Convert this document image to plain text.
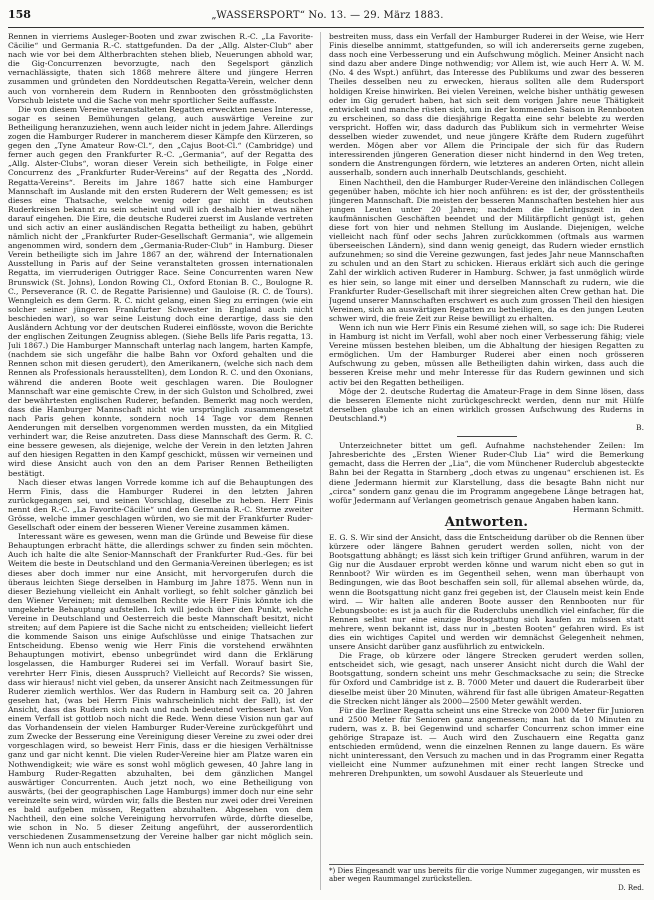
158	„WASSERSPORT“ No. 13. — 29. März 1883.

Rennen in vierriems Ausleger-Booten und zwar zwischen R.-C. „La Favorite-Cäcilie“ und Germania R.-C. stattgefunden. Da der „Allg. Alster-Club“ aber nach wie vor bei dem Altherbrachten stehen blieb, Neuerungen abhold war, die Gig-Concurrenzen bevorzugte, nach den Segelsport gänzlich vernachlässigte, thaten sich 1868 mehrere ältere und jüngere Herren zusammen und gründeten den Norddeutschen Regatta-Verein, welcher denn auch von vornherein dem Rudern in Rennbooten den grösstmöglichsten Vorschub leistete und die Sache von mehr sportlicher Seite auffasste.

Die von diesem Vereine veranstalteten Regatten erweckten neues Interesse, sogar es seinen Bemühungen gelang, auch auswärtige Vereine zur Betheiligung heranzuziehen, wenn auch leider nicht in jedem Jahre. Allerdings zogen die Hamburger Ruderer in mancherem dieser Kämpfe den Kürzeren, so gegen den „Tyne Amateur Row-Cl.“, den „Cajus Boot-Cl.“ (Cambridge) und ferner auch gegen den Frankfurter R.-C. „Germania“, auf der Regatta des „Allg. Alster-Clubs“, woran dieser Verein sich betheiligte, in Folge einer Concurrenz des „Frankfurter Ruder-Vereins“ auf der Regatta des „Nordd. Regatta-Vereins“. Bereits im Jahre 1867 hatte sich eine Hamburger Mannschaft im Auslande mit den ersten Ruderern der Welt gemessen; es ist dieses eine Thatsache, welche wenig oder gar nicht in deutschen Ruderkreisen bekannt zu sein scheint und will ich deshalb hier etwas näher darauf eingehen. Die Eire, die deutsche Ruderei zuerst im Auslande vertreten und sich activ an einer ausländischen Regatta betheiligt zu haben, gebührt nämlich nicht der „Frankfurter Ruder-Gesellschaft Germania“, wie allgemein angenommen wird, sondern dem „Germania-Ruder-Club“ in Hamburg. Dieser Verein betheiligte sich im Jahre 1867 an der, während der Internationalen Ausstellung in Paris auf der Seine veranstalteten grossen internationalen Regatta, im vierruderigen Outrigger Race. Seine Concurrenten waren New Brunswick (St. Johns), London Rowing Cl., Oxford Etonian B. C., Boulogne R. C., Perseverance (R. C. de Regatte Parisienne) und Gauloise (R. C. de Tours). Wenngleich es dem Germ. R. C. nicht gelang, einen Sieg zu erringen (wie ein solcher seiner jüngeren Frankfurter Schwester in England auch nicht beschieden war), so war seine Leistung doch eine derartige, dass sie den Ausländern Achtung vor der deutschen Ruderei einflösste, wovon die Berichte der englischen Zeitungen Zeugniss ablegen. (Siehe Bells life Paris regatta, 13. Juli 1867.) Die Hamburger Mannschaft unterlag nach langem, harten Kampfe, (nachdem sie sich ungefähr die halbe Bahn vor Oxford gehalten und die Rennen schon mit diesen gerudert), den Amerikanern, (welche sich nach dem Rennen als Professionals herausstellten), dem London R. C. und den Oxonians, während die anderen Boote weit geschlagen waren. Die Boulogner Mannschaft war eine gemischte Crew, in der sich Gulston und Scholbred, zwei der bewährtesten englischen Ruderer, befanden. Bemerkt mag noch werden, dass die Hamburger Mannschaft nicht wie ursprünglich zusammengesetzt nach Paris gehen konnte, sondern noch 14 Tage vor dem Rennen Aenderungen mit derselben vorgenommen werden mussten, da ein Mitglied verhindert war, die Reise anzutreten. Dass diese Mannschaft des Germ. R. C. eine bessere gewesen, als diejenige, welche der Verein in den letzten Jahren auf den hiesigen Regatten in den Kampf geschickt, müssen wir verneinen und wird diese Ansicht auch von den an dem Pariser Rennen Betheiligten bestätigt.

Nach dieser etwas langen Vorrede komme ich auf die Behauptungen des Herrn Finis, dass die Hamburger Ruderei in den letzten Jahren zurückgegangen sei, und seinen Vorschlag, dieselbe zu heben. Herr Finis nennt den R.-C. „La Favorite-Cäcilie“ und den Germania R.-C. Sterne zweiter Grösse, welche immer geschlagen würden, wo sie mit der Frankfurter Ruder-Gesellschaft oder einem der besseren Wiener Vereine zusammen kämen.

Interessant wäre es gewesen, wenn man die Gründe und Beweise für diese Behauptungen erbracht hätte, die allerdings schwer zu finden sein möchten. Auch ich halte die alte Senior-Mannschaft der Frankfurter Rud.-Ges. für bei Weitem die beste in Deutschland und den Germania-Vereinen überlegen; es ist dieses aber doch immer nur eine Ansicht, mit hervorgerufen durch die überaus leichten Siege derselben in Hamburg im Jahre 1875. Wenn nun in dieser Beziehung vielleicht ein Anhalt vorliegt, so fehlt solcher gänzlich bei den Wiener Vereinen; mit demselben Rechte wie Herr Finis könnte ich die umgekehrte Behauptung aufstellen. Ich will jedoch über den Punkt, welche Vereine in Deutschland und Oesterreich die beste Mannschaft besitzt, nicht streiten; auf dem Papiere ist die Sache nicht zu entscheiden; vielleicht liefert die kommende Saison uns einige Aufschlüsse und einige Thatsachen zur Entscheidung. Ebenso wenig wie Herr Finis die vorstehend erwähnten Behauptungen motivirt, ebenso unbegründet wird dann die Erklärung losgelassen, die Hamburger Ruderei sei im Verfall. Worauf basirt Sie, verehrter Herr Finis, diesen Ausspruch? Vielleicht auf Records? Sie wissen, dass wir hieraus! nicht viel geben, da unserer Ansicht nach Zeitmessungen für Ruderer ziemlich werthlos. Wer das Rudern in Hamburg seit ca. 20 Jahren gesehen hat, (was bei Herrn Finis wahrscheinlich nicht der Fall), ist der Ansicht, dass das Rudern sich nach und nach bedeutend verbessert hat. Von einem Verfall ist gottlob noch nicht die Rede. Wenn diese Vision nun gar auf das Vorhandensein der vielen Hamburger Ruder-Vereine zurückgeführt und zum Zwecke der Besserung eine Vereinigung dieser Vereine zu zwei oder drei vorgeschlagen wird, so beweist Herr Finis, dass er die hiesigen Verhältnisse ganz und gar nicht kennt. Die vielen Ruder-Vereine hier am Platze waren ein Nothwendigkeit; wie wäre es sonst wohl möglich gewesen, 40 Jahre lang in Hamburg Ruder-Regatten abzuhalten, bei dem gänzlichen Mangel auswärtiger Concurrenten. Auch jetzt noch, wo eine Betheiligung von auswärts, (bei der geographischen Lage Hamburgs) immer doch nur eine sehr vereinzelte sein wird, würden wir, falls die Besten nur zwei oder drei Vereinen es bald aufgeben müssen, Regatten abzuhalten. Abgesehen von dem Nachtheil, den eine solche Vereinigung hervorrufen würde, dürfte dieselbe, wie schon in No. 5 dieser Zeitung angeführt, der ausserordentlich verschiedenen Zusammensetzung der Vereine halber gar nicht möglich sein. Wenn ich nun auch entschieden

bestreiten muss, dass ein Verfall der Hamburger Ruderei in der Weise, wie Herr Finis dieselbe annimmt, stattgefunden, so will ich andererseits gerne zugeben, dass noch eine Verbesserung und ein Aufschwung möglich. Meiner Ansicht nach sind dazu aber andere Dinge nothwendig; vor Allem ist, wie auch Herr A. W. M. (No. 4 des Wspt.) anführt, das Interesse des Publikums und zwar des besseren Theiles desselben neu zu erwecken, hieraus sollten alle dem Rudersport holdigen Kreise hinwirken. Bei vielen Vereinen, welche bisher unthätig gewesen oder im Gig gerudert haben, hat sich seit dem vorigen Jahre neue Thätigkeit entwickelt und manche rüsten sich, um in der kommenden Saison in Rennbooten zu erscheinen, so dass die diesjährige Regatta eine sehr belebte zu werden verspricht. Hoffen wir, dass dadurch das Publikum sich in vermehrter Weise desselben wieder zuwendet, und neue jüngere Kräfte dem Rudern zugeführt werden. Mögen aber vor Allem die Principale der sich für das Rudern interessirenden jüngeren Generation dieser nicht hindernd in den Weg treten, sondern die Anstrengungen fördern, wie letzteres an anderen Orten, nicht allein ausserhalb, sondern auch innerhalb Deutschlands, geschieht.

Einen Nachtheil, den die Hamburger Ruder-Vereine den inländischen Collegen gegenüber haben, möchte ich hier noch anführen: es ist der, der grösstentheils jüngeren Mannschaft. Die meisten der besseren Mannschaften bestehen hier aus jungen Leuten unter 20 Jahren; nachdem die Lehrlingszeit in den kaufmännischen Geschäften beendet und der Militärpflicht genügt ist, gehen diese fort von hier und nehmen Stellung im Auslande. Diejenigen, welche vielleicht nach fünf oder sechs Jahren zurückkommen (oftmals aus warmen überseeischen Ländern), sind dann wenig geneigt, das Rudern wieder ernstlich aufzunehmen; so sind die Vereine gezwungen, fast jedes Jahr neue Mannschaften zu schulen und an den Start zu schicken. Hieraus erklärt sich auch die geringe Zahl der wirklich activen Ruderer in Hamburg. Schwer, ja fast unmöglich würde es hier sein, so lange mit einer und derselben Mannschaft zu rudern, wie die Frankfurter Ruder-Gesellschaft mit ihrer siegreichen alten Crew gethan hat. Die Jugend unserer Mannschaften erschwert es auch zum grossen Theil den hiesigen Vereinen, sich an auswärtigen Regatten zu betheiligen, da es den jungen Leuten schwer wird, die freie Zeit zur Reise bewilligt zu erhalten.

Wenn ich nun wie Herr Finis ein Resumé ziehen will, so sage ich: Die Ruderei in Hamburg ist nicht im Verfall, wohl aber noch einer Verbesserung fähig; viele Vereine müssen bestehen bleiben, um die Abhaltung der hiesigen Regatten zu ermöglichen. Um der Hamburger Ruderei aber einen noch grösseren Aufschwung zu geben, müssen alle Betheiligten dahin wirken, dass auch die besseren Kreise mehr und mehr Interesse für das Rudern gewinnen und sich activ bei den Regatten betheiligen.

Möge der 2. deutsche Rudertag die Amateur-Frage in dem Sinne lösen, dass die besseren Elemente nicht zurückgeschreckt werden, denn nur mit Hülfe derselben glaube ich an einen wirklich grossen Aufschwung des Ruderns in Deutschland.*)

B.

Unterzeichneter bittet um gefl. Aufnahme nachstehender Zeilen: Im Jahresberichte des „Ersten Wiener Ruder-Club Lia“ wird die Bemerkung gemacht, dass die Herren der „Lia“, die vom Münchener Ruderclub abgesteckte Bahn bei der Regatta in Starnberg „doch etwas zu ungenau“ erschienen ist. Es diene Jedermann hiermit zur Klarstellung, dass die besagte Bahn nicht nur „circa“ sondern ganz genau die im Programm angegebene Länge betragen hat, wofür Jedermann auf Verlangen geometrisch genaue Angaben haben kann.

Hermann Schmitt.
Antworten.

E. G. S. Wir sind der Ansicht, dass die Entscheidung darüber ob die Rennen über kürzere oder längere Bahnen gerudert werden sollen, nicht von der Bootsgattung abhängt; es lässt sich kein triftiger Grund anführen, warum in der Gig nur die Ausdauer erprobt werden könne und warum nicht eben so gut in Rennboot? Wir würden es im Gegentheil sehen, wenn man überhaupt von Bedingungen, wie das Boot beschaffen sein soll, für allemal absehen würde, da, wenn die Bootsgattung nicht ganz frei gegeben ist, der Clauseln meist kein Ende wird. — Wir halten alle anderen Boote ausser den Rennbooten nur für Uebungsboote: es ist ja auch für die Ruderclubs unendlich viel einfacher, für die Rennen selbst nur eine einzige Bootsgattung sich kaufen zu müssen statt mehrere, wenn bekannt ist, dass nur in „besten Booten“ gefahren wird. Es ist dies ein wichtiges Capitel und werden wir demnächst Gelegenheit nehmen, unsere Ansicht darüber ganz ausführlich zu entwickeln.

Die Frage, ob kürzere oder längere Strecken gerudert werden sollen, entscheidet sich, wie gesagt, nach unserer Ansicht nicht durch die Wahl der Bootsgattung, sondern scheint uns mehr Geschmacksache zu sein; die Strecke für Oxford und Cambridge ist z. B. 7000 Meter und dauert die Ruderarbeit über dieselbe meist über 20 Minuten, während für fast alle übrigen Amateur-Regatten die Strecken nicht länger als 2000—2500 Meter gewählt werden.

Für die Berliner Regatta scheint uns eine Strecke von 2000 Meter für Junioren und 2500 Meter für Senioren ganz angemessen; man hat da 10 Minuten zu rudern, was z. B. bei Gegenwind und scharfer Concurrenz schon immer eine gehörige Strapaze ist. — Auch wird den Zuschauern eine Regatta ganz entschieden ermüdend, wenn die einzelnen Rennen zu lange dauern. Es wäre nicht uninteressant, den Versuch zu machen und in das Programm einer Regatta vielleicht eine Nummer aufzunehmen mit einer recht langen Strecke und mehreren Drehpunkten, um sowohl Ausdauer als Steuerleute und

*) Dies Eingesandt war uns bereits für die vorige Nummer zugegangen, wir mussten es aber wegen Raummangel zurückstellen.
D. Red.
